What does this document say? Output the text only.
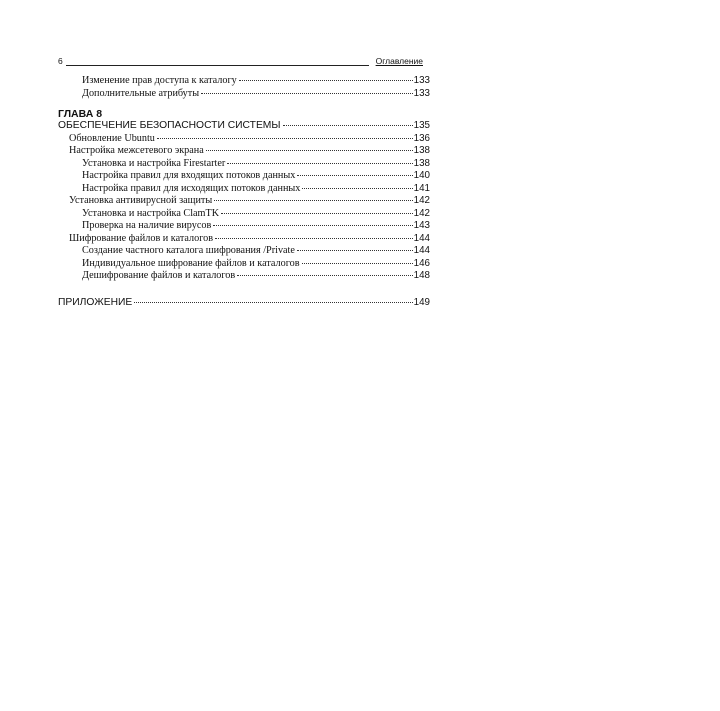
6	Оглавление
Изменение прав доступа к каталогу	133
Дополнительные атрибуты	133
ГЛАВА 8
ОБЕСПЕЧЕНИЕ БЕЗОПАСНОСТИ СИСТЕМЫ	135
Обновление Ubuntu	136
Настройка межсетевого экрана	138
Установка и настройка Firestarter	138
Настройка правил для входящих потоков данных	140
Настройка правил для исходящих потоков данных	141
Установка антивирусной защиты	142
Установка и настройка ClamTK	142
Проверка на наличие вирусов	143
Шифрование файлов и каталогов	144
Создание частного каталога шифрования /Private	144
Индивидуальное шифрование файлов и каталогов	146
Дешифрование файлов и каталогов	148
ПРИЛОЖЕНИЕ	149
